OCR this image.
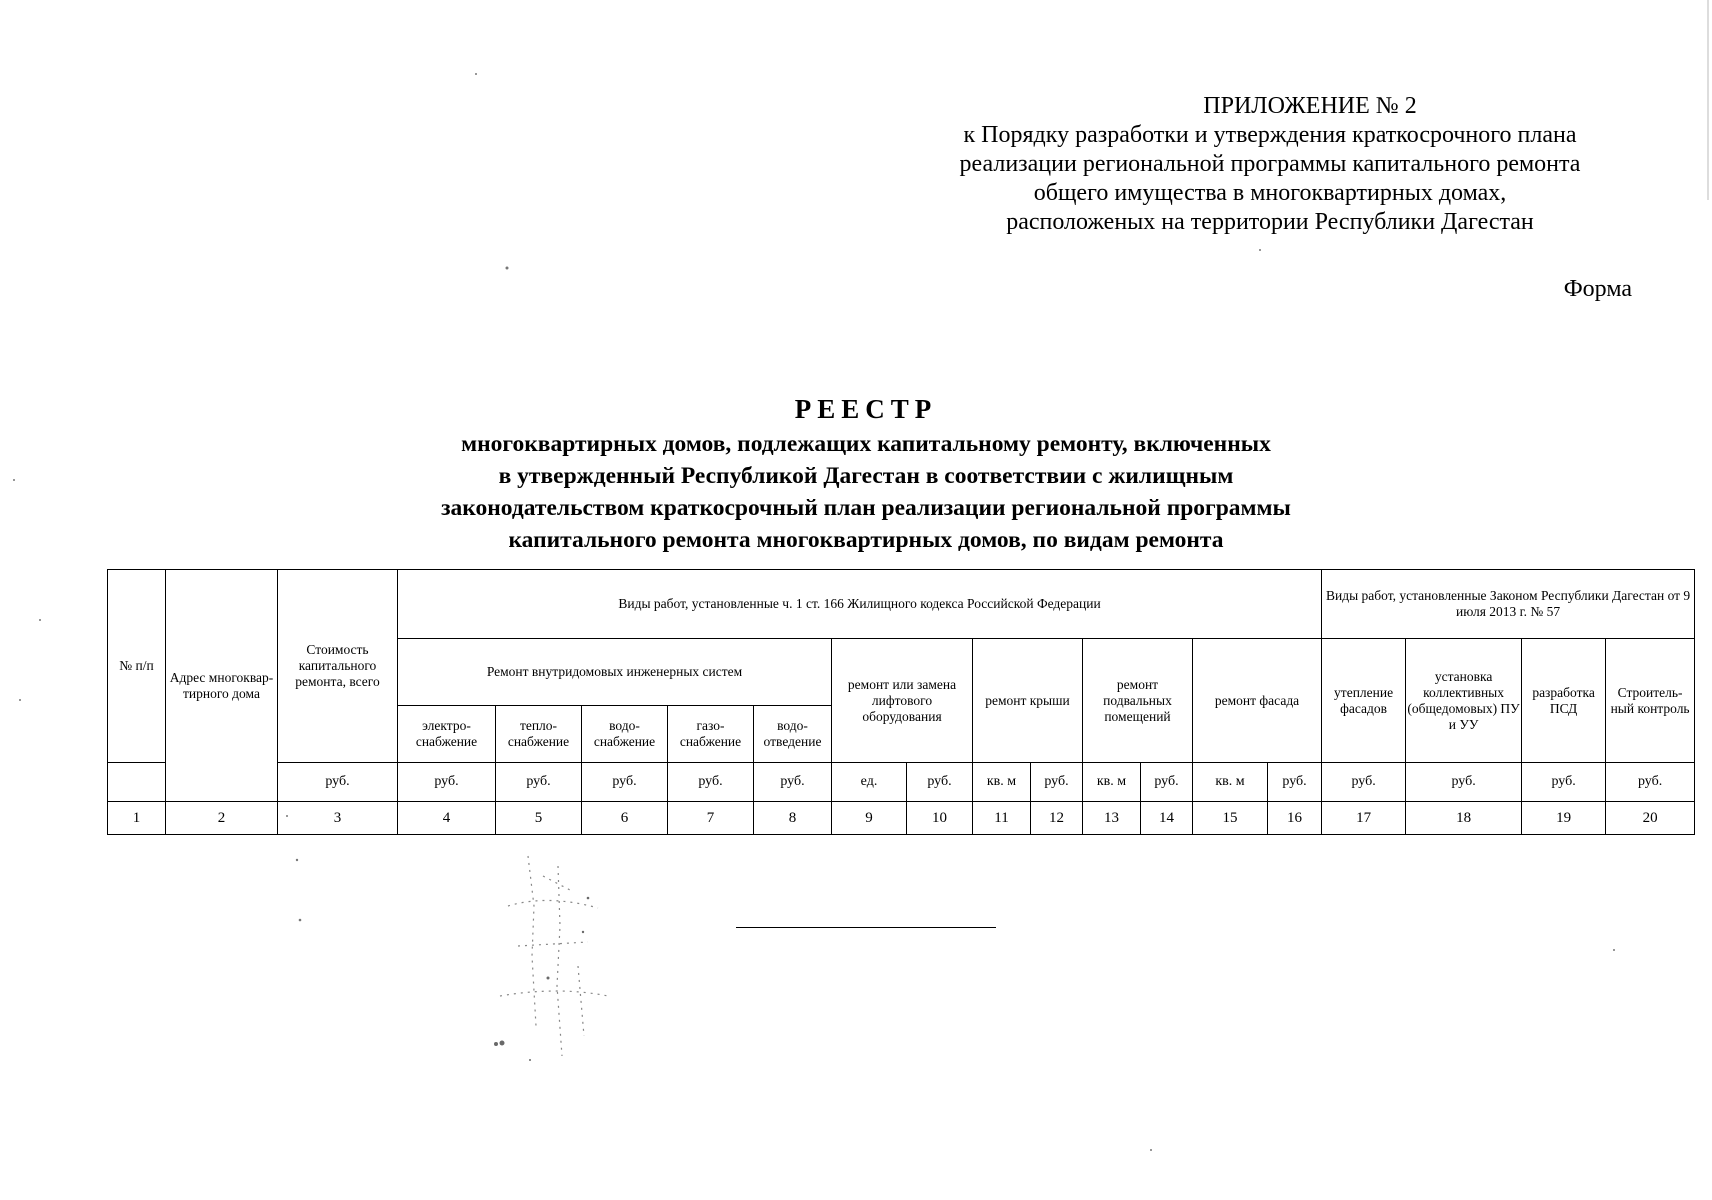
ПРИЛОЖЕНИЕ № 2
к Порядку разработки и утверждения краткосрочного плана
реализации региональной программы капитального ремонта
общего имущества в многоквартирных домах,
расположеных на территории Республики Дагестан
Форма
РЕЕСТР
многоквартирных домов, подлежащих капитальному ремонту, включенных
в утвержденный Республикой Дагестан в соответствии с жилищным
законодательством краткосрочный план реализации региональной программы
капитального ремонта многоквартирных домов, по видам ремонта
№ п/п	Адрес многоквар-тирного дома	Стоимость капитального ремонта, всего	Виды работ, установленные ч. 1 ст. 166 Жилищного кодекса Российской Федерации													Виды работ, установленные Законом Республики Дагестан от 9 июля 2013 г. № 57			
			Ремонт внутридомовых инженерных систем					ремонт или замена лифтового оборудования		ремонт крыши		ремонт подвальных помещений		ремонт фасада		утепление фасадов	установка коллективных (общедомовых) ПУ и УУ	разработка ПСД	Строитель-ный контроль
			электро-снабжение	тепло-снабжение	водо-снабжение	газо-снабжение	водо-отведение												
		руб.	руб.	руб.	руб.	руб.	руб.	ед.	руб.	кв. м	руб.	кв. м	руб.	кв. м	руб.	руб.	руб.	руб.	руб.
1	2	3	4	5	6	7	8	9	10	11	12	13	14	15	16	17	18	19	20
